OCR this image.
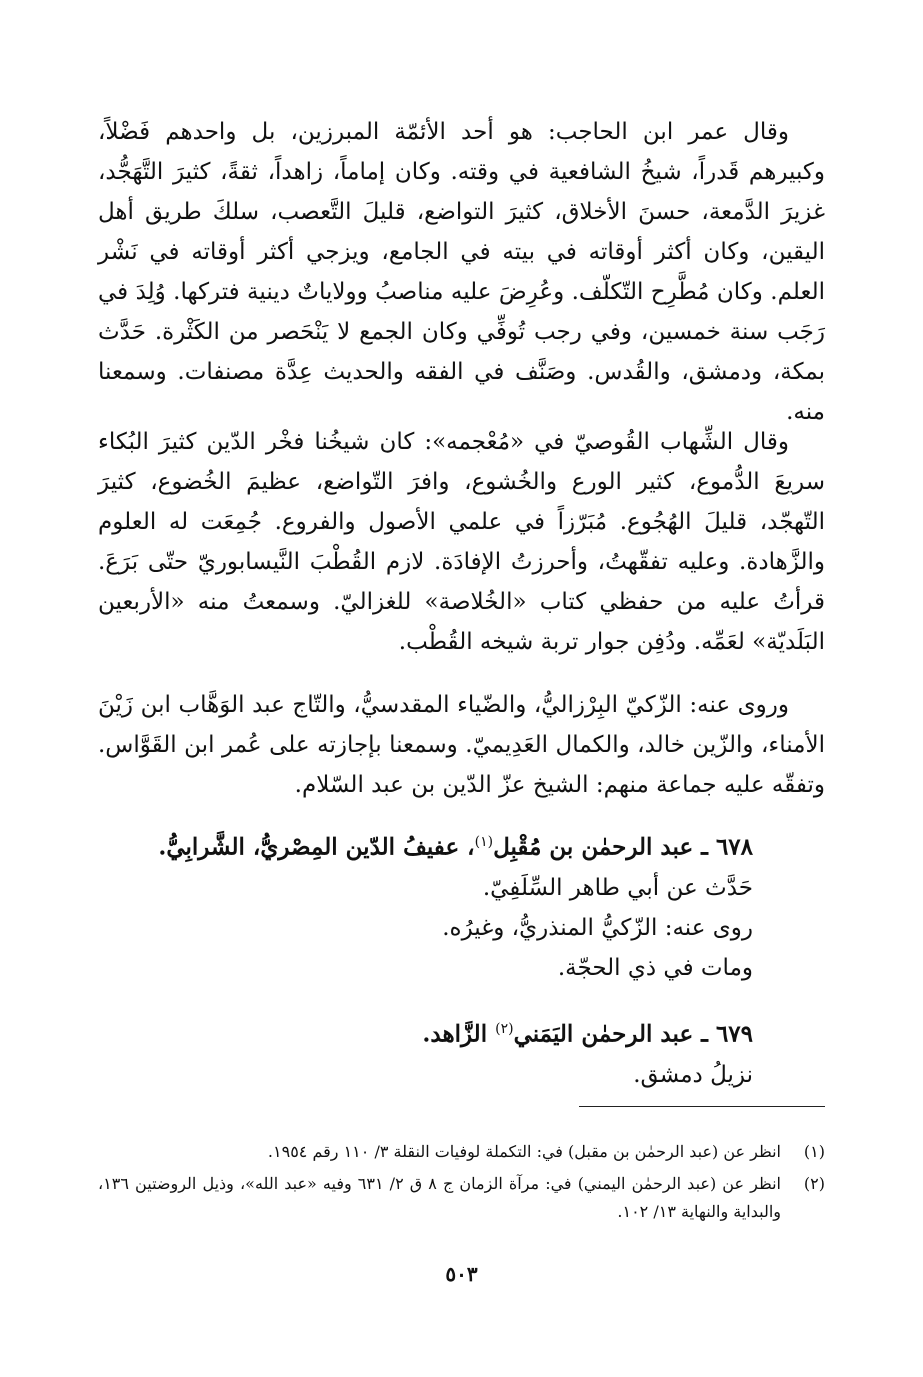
وقال عمر ابن الحاجب: هو أحد الأئمّة المبرزين، بل واحدهم فَضْلاً، وكبيرهم قَدراً، شيخُ الشافعية في وقته. وكان إماماً، زاهداً، ثقةً، كثيرَ التَّهَجُّد، غزيرَ الدَّمعة، حسنَ الأخلاق، كثيرَ التواضع، قليلَ التَّعصب، سلكَ طريق أهل اليقين، وكان أكثر أوقاته في بيته في الجامع، ويزجي أكثر أوقاته في نَشْر العلم. وكان مُطَّرِح التّكلّف. وعُرِضَ عليه مناصبُ وولاياتٌ دينية فتركها. وُلِدَ في رَجَب سنة خمسين، وفي رجب تُوفِّي وكان الجمع لا يَنْحَصر من الكَثْرة. حَدَّث بمكة، ودمشق، والقُدس. وصَنَّف في الفقه والحديث عِدَّة مصنفات. وسمعنا منه.

وقال الشِّهاب القُوصيّ في «مُعْجمه»: كان شيخُنا فخْر الدّين كثيرَ البُكاء سريعَ الدُّموع، كثير الورع والخُشوع، وافرَ التّواضع، عظيمَ الخُضوع، كثيرَ التّهجّد، قليلَ الهُجُوع. مُبَرّزاً في علمي الأصول والفروع. جُمِعَت له العلوم والزَّهادة. وعليه تفقّهتُ، وأحرزتُ الإفادَة. لازم القُطْبَ النَّيسابوريّ حتّى بَرَعَ. قرأتُ عليه من حفظي كتاب «الخُلاصة» للغزاليّ. وسمعتُ منه «الأربعين البَلَديّة» لعَمِّه. ودُفِن جوار تربة شيخه القُطْب.

وروى عنه: الزّكيّ البِرْزاليُّ، والضّياء المقدسيُّ، والتّاج عبد الوَهَّاب ابن زَيْنَ الأمناء، والزّين خالد، والكمال العَدِيميّ. وسمعنا بإجازته على عُمر ابن القَوَّاس. وتفقّه عليه جماعة منهم: الشيخ عزّ الدّين بن عبد السّلام.

٦٧٨ ـ عبد الرحمٰن بن مُقْبِل$^{(١)}$، عفيفُ الدّين المِصْريُّ، الشَّرابِيُّ.

حَدَّث عن أبي طاهر السِّلَفِيّ.

روى عنه: الزّكيُّ المنذريُّ، وغيرُه.

ومات في ذي الحجّة.

٦٧٩ ـ عبد الرحمٰن اليَمَني$^{(٢)}$ الزَّاهد.

نزيلُ دمشق.

(١)
انظر عن (عبد الرحمٰن بن مقبل) في: التكملة لوفيات النقلة ٣/ ١١٠ رقم ١٩٥٤.
(٢)
انظر عن (عبد الرحمٰن اليمني) في: مرآة الزمان ج ٨ ق ٢/ ٦٣١ وفيه «عبد الله»، وذيل الروضتين ١٣٦، والبداية والنهاية ١٣/ ١٠٢.
٥٠٣
